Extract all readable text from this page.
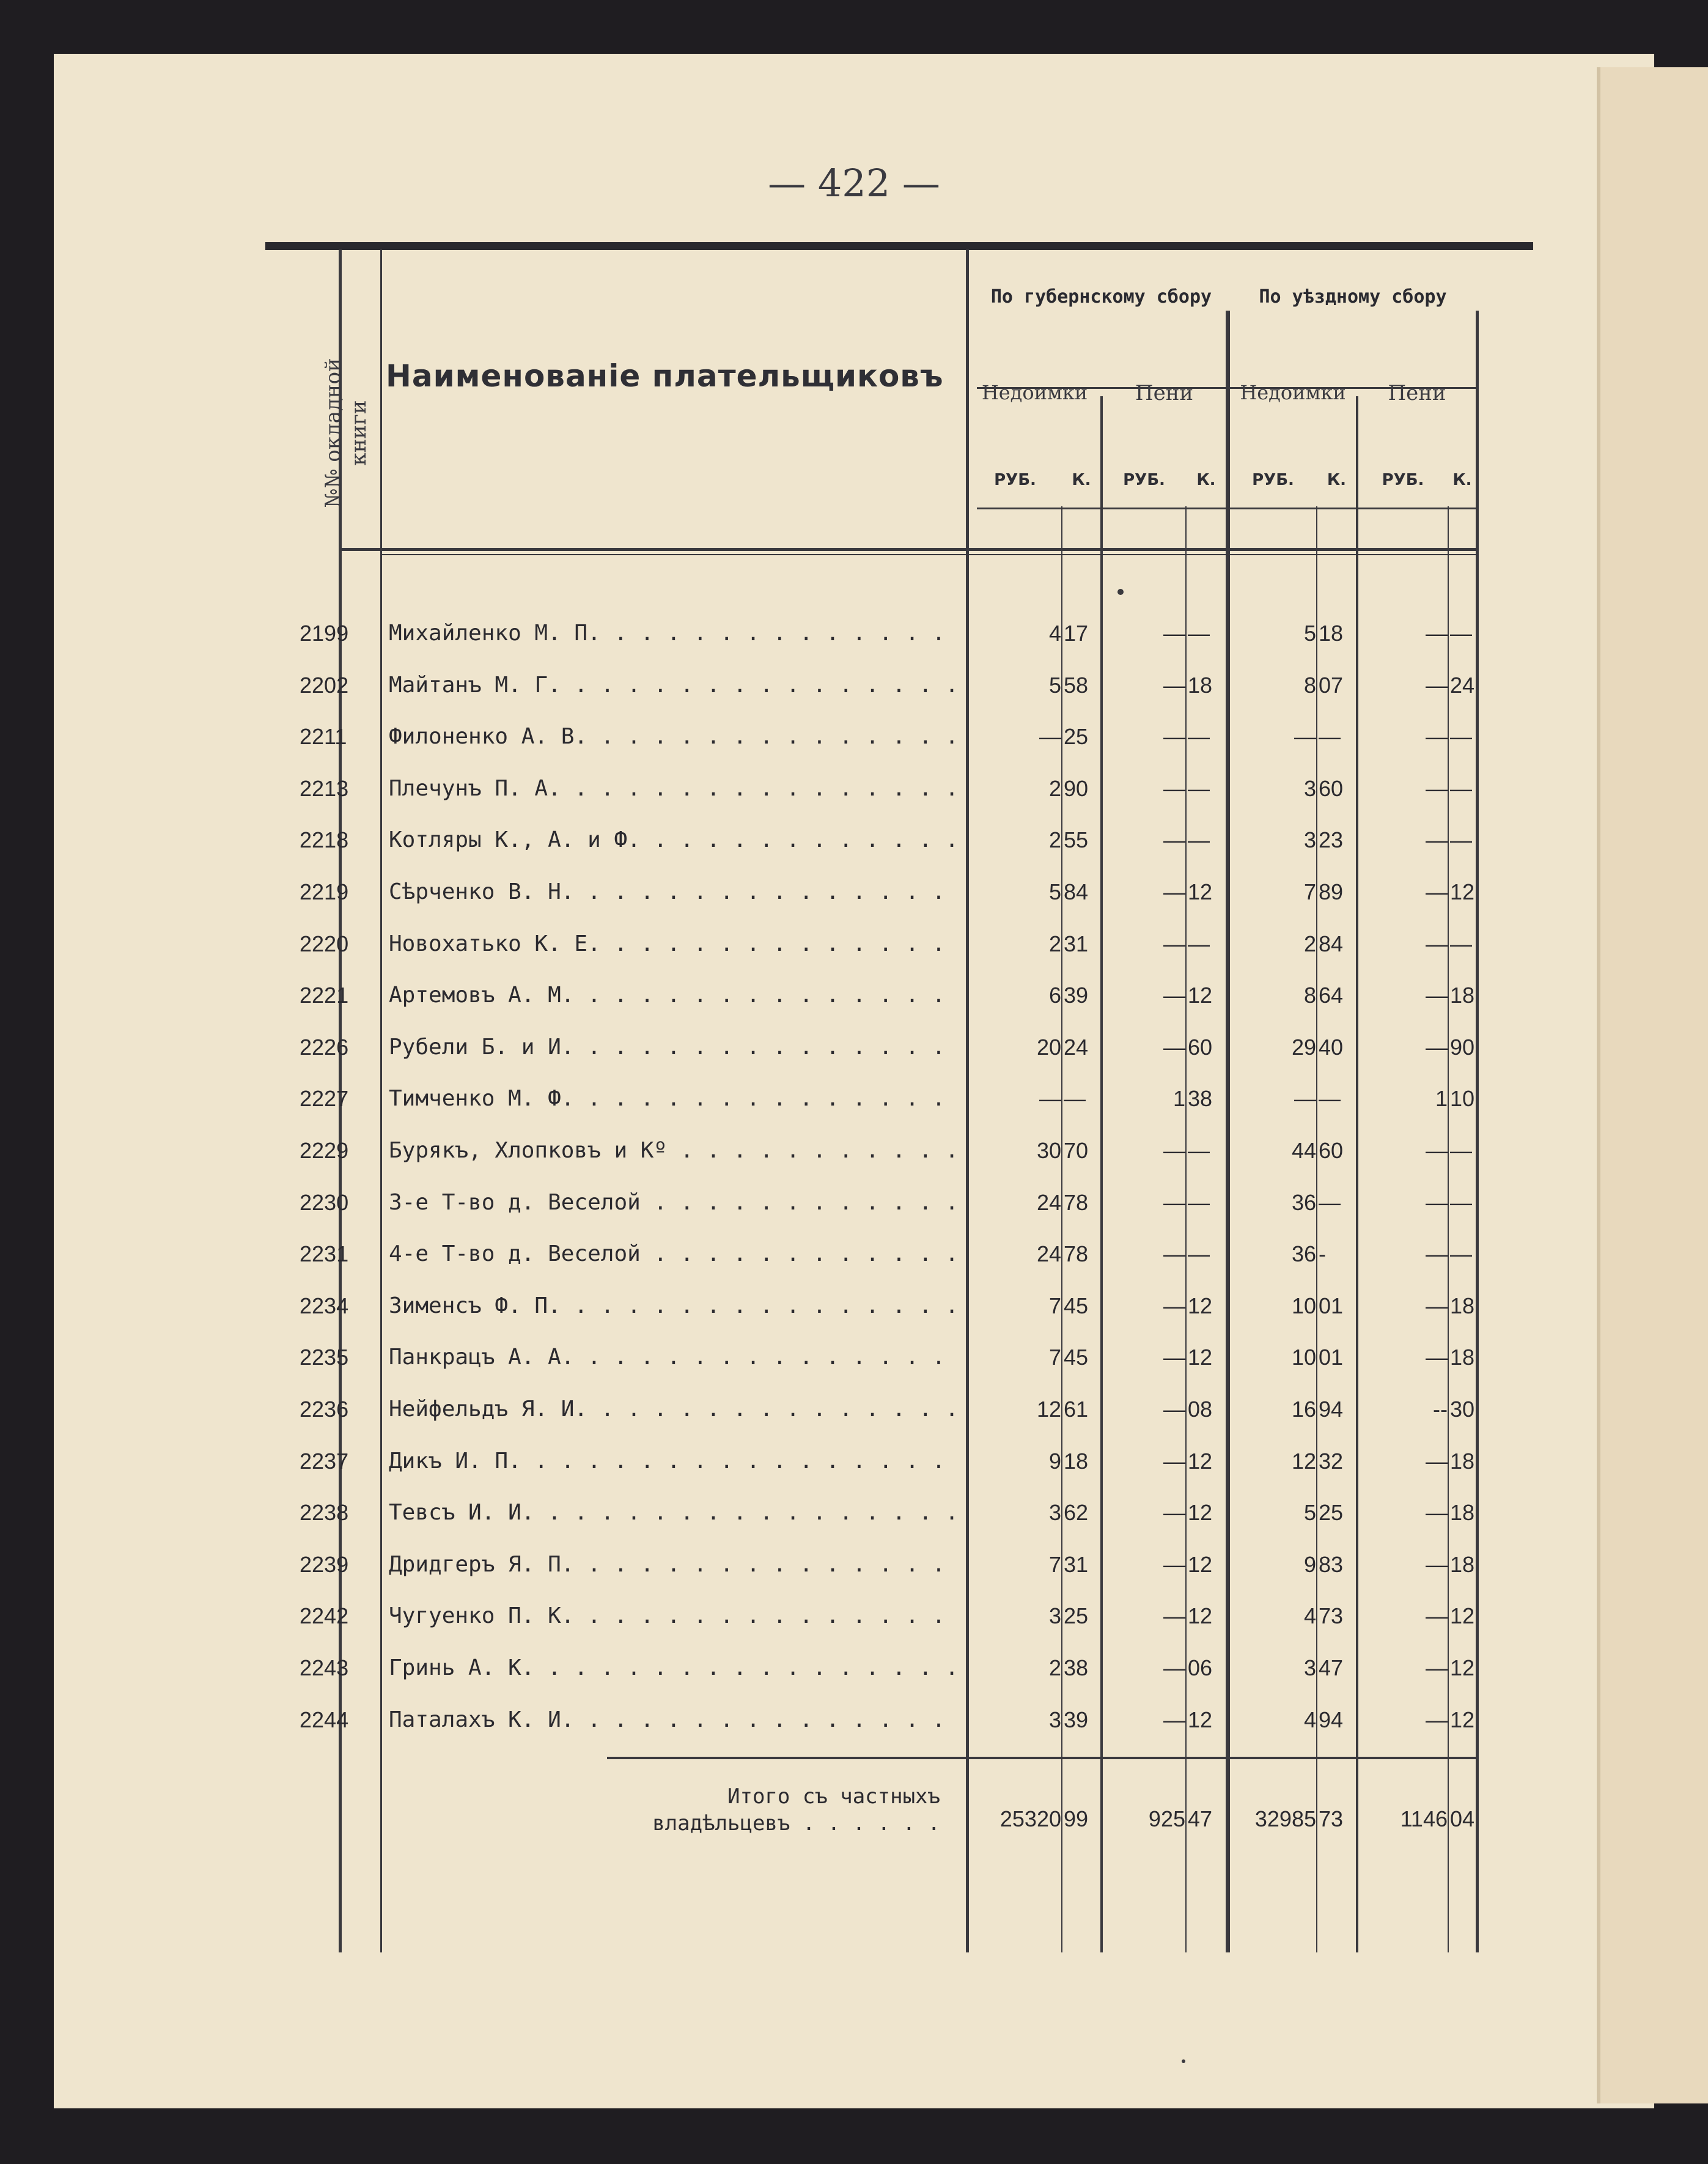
— 422 —
№№ окладной книги
Наименованіе плательщиковъ
По губернскому сбору	По уѣздному сбору
Недоимки	Пени	Недоимки	Пени
РУБ.	К.	РУБ.	К.	РУБ.	К.	РУБ.	К.
2199	Михайленко М. П. . . .	4 17	— —	5 18	— —
2202	Майтанъ М. Г. . . .	5 58	— 18	8 07	— 24
2211	Филоненко А. В. . . .	— 25	— —	— —	— —
2213	Плечунъ П. А. . . .	2 90	— —	3 60	— —
2218	Котляры К., А. и Ф. . . .	2 55	— —	3 23	— —
2219	Сѣрченко В. Н. . . .	5 84	— 12	7 89	— 12
2220	Новохатько К. Е. . . .	2 31	— —	2 84	— —
2221	Артемовъ А. М. . . .	6 39	— 12	8 64	— 18
2226	Рубели Б. и И. . . .	20 24	— 60	29 40	— 90
2227	Тимченко М. Ф. . . .	— —	1 38	— —	1 10
2229	Бурякъ, Хлопковъ и Кº . . .	30 70	— —	44 60	— —
2230	3-е Т-во д. Веселой . . .	24 78	— —	36 —	— —
2231	4-е Т-во д. Веселой . . .	24 78	— —	36 -	— —
2234	Зименсъ Ф. П. . . .	7 45	— 12	10 01	— 18
2235	Панкрацъ А. А. . . .	7 45	— 12	10 01	— 18
2236	Нейфельдъ Я. И. . . .	12 61	— 08	16 94	-- 30
2237	Дикъ И. П. . . .	9 18	— 12	12 32	— 18
2238	Тевсъ И. И. . . .	3 62	— 12	5 25	— 18
2239	Дридгеръ Я. П. . . .	7 31	— 12	9 83	— 18
2242	Чугуенко П. К. . . .	3 25	— 12	4 73	— 12
2243	Гринь А. К. . . .	2 38	— 06	3 47	— 12
2244	Паталахъ К. И. . . .	3 39	— 12	4 94	— 12
Итого съ частныхъ
владѣльцевъ . . . . . .	25320 99	925 47	32985 73	1146 04
